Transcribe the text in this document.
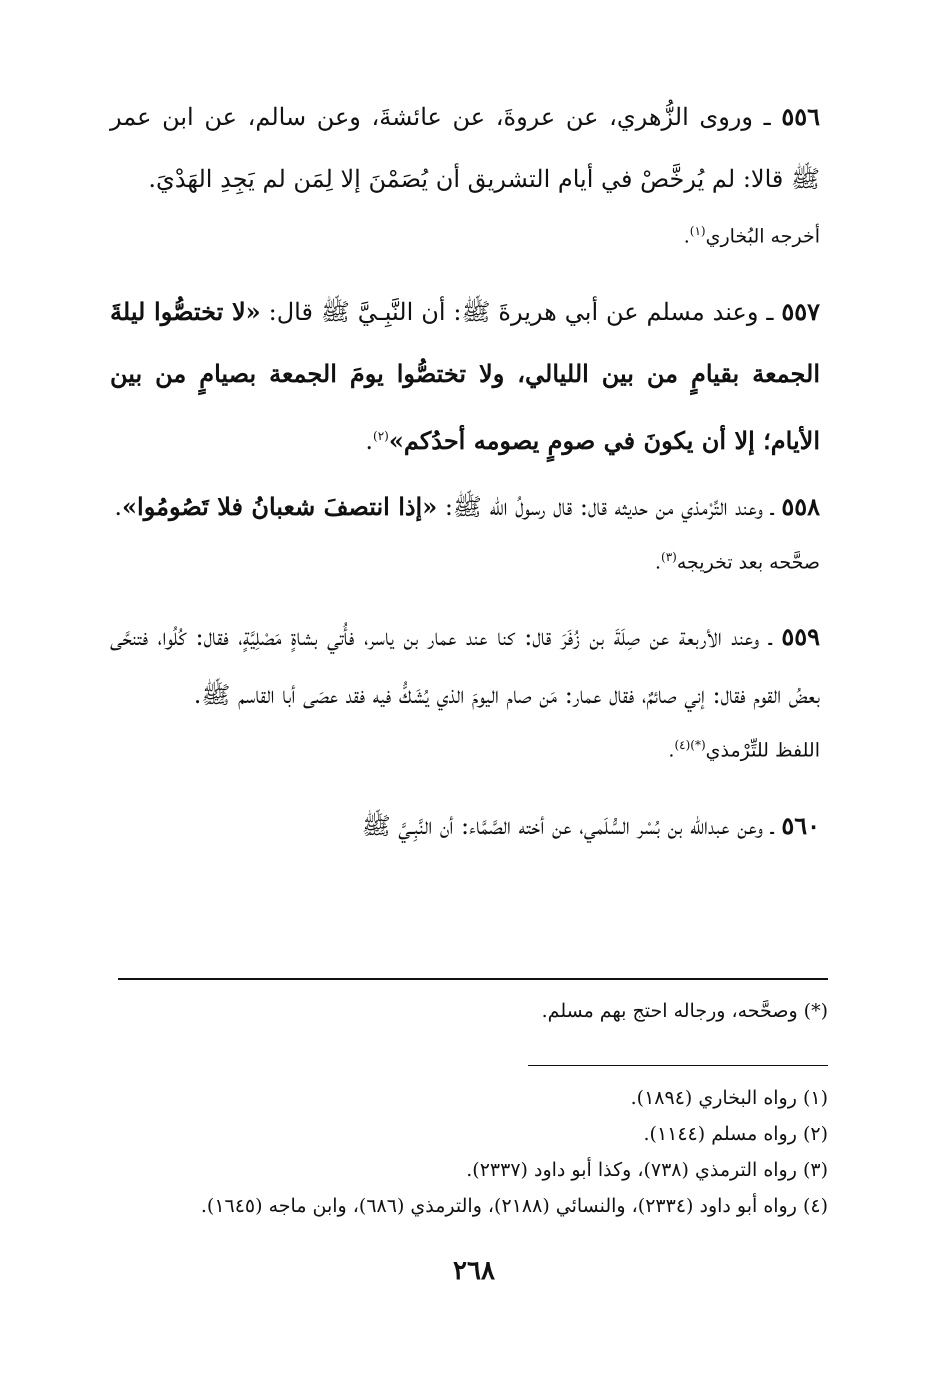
٥٥٦ ـ وروى الزُّهري، عن عروةَ، عن عائشةَ، وعن سالم، عن ابن عمر ﷺ قالا: لم يُرخَّصْ في أيام التشريق أن يُصَمْنَ إلا لِمَن لم يَجِدِ الهَدْيَ.

أخرجه البُخاري$^{(١)}$.

٥٥٧ ـ وعند مسلم عن أبي هريرةَ ﷺ: أن النَّبِـيَّ ﷺ قال: «لا تختصُّوا ليلةَ الجمعة بقيامٍ من بين الليالي، ولا تختصُّوا يومَ الجمعة بصيامٍ من بين الأيام؛ إلا أن يكونَ في صومٍ يصومه أحدُكم»$^{(٢)}$.

٥٥٨ ـ وعند التِّرْمذي من حديثه قال: قال رسولُ الله ﷺ: «إذا انتصفَ شعبانُ فلا تَصُومُوا».

صحَّحه بعد تخريجه$^{(٣)}$.

٥٥٩ ـ وعند الأربعة عن صِلَةَ بن زُفَرَ قال: كنا عند عمار بن ياسر، فأُتي بشاةٍ مَصْلِيَّةٍ، فقال: كُلُوا، فتنحَّى بعضُ القوم فقال: إني صائمٌ، فقال عمار: مَن صام اليومَ الذي يُشَكُّ فيه فقد عصَى أبا القاسم ﷺ.

اللفظ للتِّرْمذي$^{(*)(٤)}$.

٥٦٠ ـ وعن عبدالله بن بُسْر السُّلَمي، عن أخته الصَّمَّاء: أن النَّبِـيَّ ﷺ

(*) وصحَّحه، ورجاله احتج بهم مسلم.
(١) رواه البخاري (١٨٩٤).
(٢) رواه مسلم (١١٤٤).
(٣) رواه الترمذي (٧٣٨)، وكذا أبو داود (٢٣٣٧).
(٤) رواه أبو داود (٢٣٣٤)، والنسائي (٢١٨٨)، والترمذي (٦٨٦)، وابن ماجه (١٦٤٥).
٢٦٨
